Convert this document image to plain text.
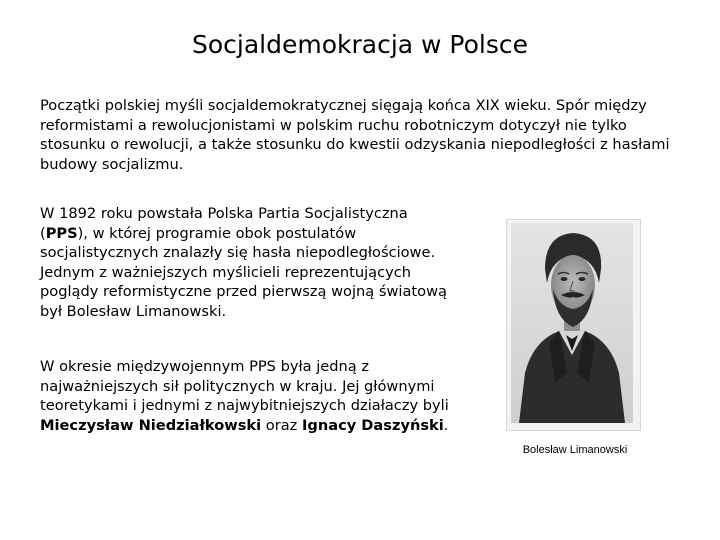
Socjaldemokracja w Polsce
Początki polskiej myśli socjaldemokratycznej sięgają końca XIX wieku. Spór między reformistami a rewolucjonistami w polskim ruchu robotniczym dotyczył nie tylko stosunku o rewolucji, a także stosunku do kwestii odzyskania niepodległości z hasłami budowy socjalizmu.
W 1892 roku powstała Polska Partia Socjalistyczna (PPS), w której programie obok postulatów socjalistycznych znalazły się hasła niepodległościowe. Jednym z ważniejszych myślicieli reprezentujących poglądy reformistyczne przed pierwszą wojną światową był Bolesław Limanowski.
W okresie międzywojennym PPS była jedną z najważniejszych sił politycznych w kraju. Jej głównymi teoretykami i jednymi z najwybitniejszych działaczy byli Mieczysław Niedziałkowski oraz Ignacy Daszyński.
Bolesław Limanowski
